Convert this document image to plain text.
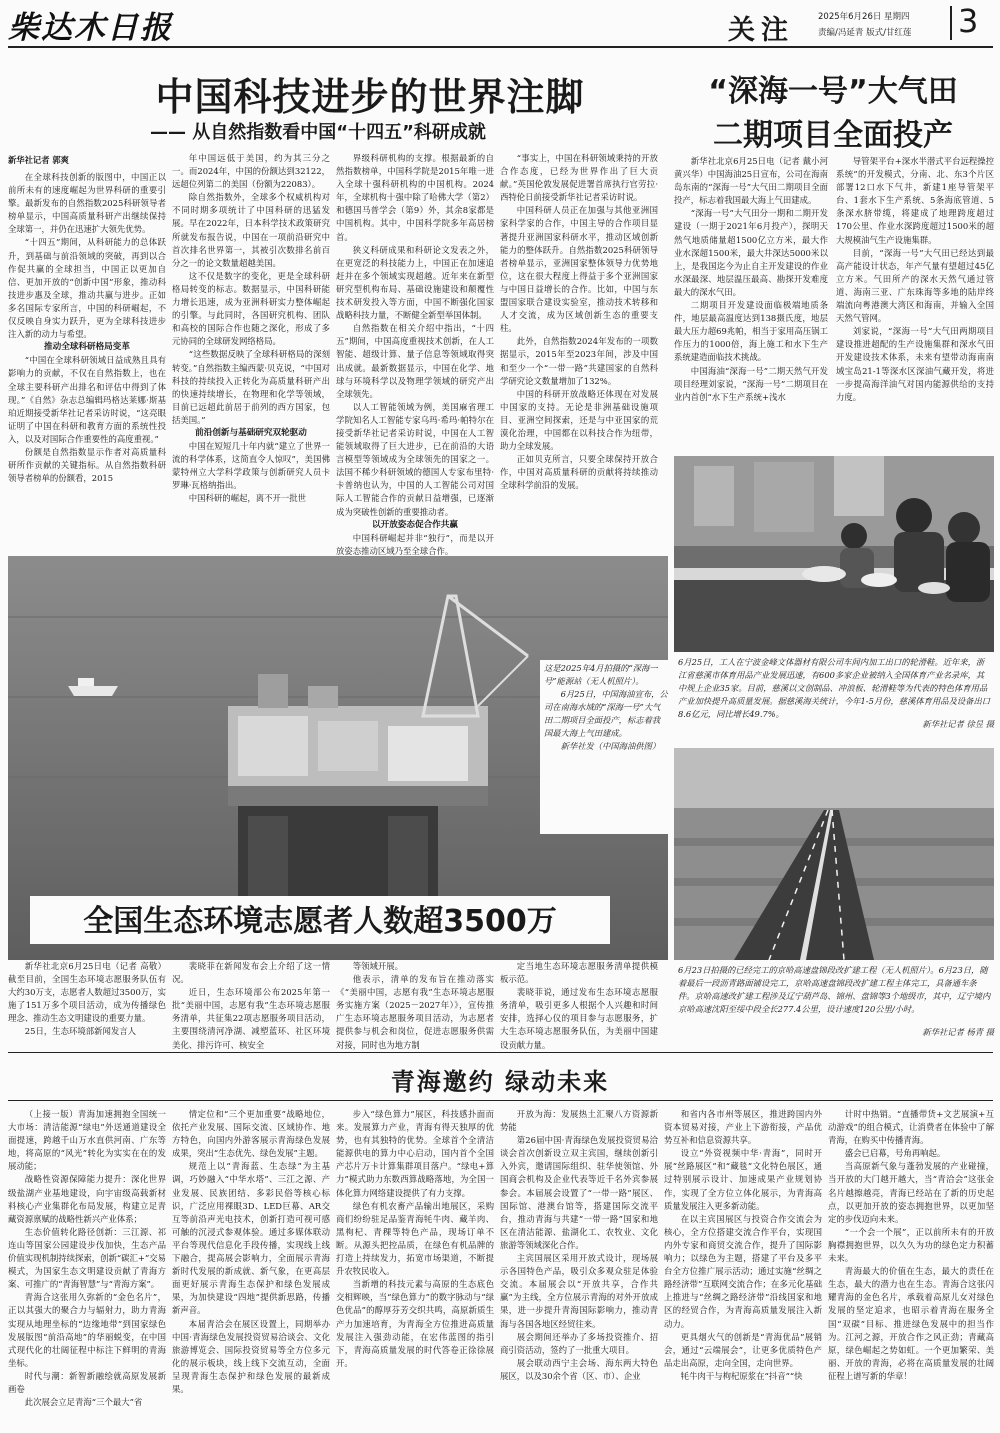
柴达木日报	关注	2025年6月26日 星期四
责编/冯延青 版式/甘红莲	3
中国科技进步的世界注脚
—— 从自然指数看中国“十四五”科研成就
新华社记者 郭爽

在全球科技创新的版图中，中国正以前所未有的速度崛起为世界科研的重要引擎。最新发布的自然指数2025科研领导者榜单显示，中国高质量科研产出继续保持全球第一，并仍在迅速扩大领先优势。

“十四五”期间，从科研能力的总体跃升，到基础与前沿领域的突破，再到以合作促共赢的全球担当，中国正以更加自信、更加开放的“创新中国”形象，推动科技进步惠及全球，推动共赢与进步。正如多名国际专家所言，中国的科研崛起，不仅反映自身实力跃升，更为全球科技进步注入新的动力与希望。

推动全球科研格局变革

“中国在全球科研领域日益成熟且具有影响力的贡献，不仅在自然指数上，也在全球主要科研产出排名和评估中得到了体现。”《自然》杂志总编辑玛格达莱娜·斯基珀近期接受新华社记者采访时说，“这亮眼证明了中国在科研和教育方面的系统性投入，以及对国际合作重要性的高度重视。”

份额是自然指数显示作者对高质量科研所作贡献的关键指标。从自然指数科研领导者榜单的份额看，2015

年中国远低于美国，约为其三分之一。而2024年，中国的份额达到32122，远超位列第二的美国（份额为22083）。

除自然指数外，全球多个权威机构对不同时期多项统计了中国科研的迅猛发展。早在2022年，日本科学技术政策研究所就发布报告说，中国在一项前沿研究中首次排名世界第一，其被引次数排名前百分之一的论文数量超越美国。

这不仅是数字的变化，更是全球科研格局转变的标志。数据显示，中国科研能力增长迅速，成为亚洲科研实力整体崛起的引擎。与此同时，各国研究机构、团队和高校的国际合作也随之深化，形成了多元协同的全球研发网络格局。

“这些数据反映了全球科研格局的深刻转变。”自然指数主编西蒙·贝克说，“中国对科技的持续投入正转化为高质量科研产出的快速持续增长，在物理和化学等领域，目前已远超此前居于前列的西方国家，包括美国。”

前沿创新与基础研究双轮驱动

中国在短短几十年内就“建立了世界一流的科学体系，这简直令人惊叹”，美国佛蒙特州立大学科学政策与创新研究人员卡罗琳·瓦格纳指出。

中国科研的崛起，离不开一批世

界级科研机构的支撑。根据最新的自然指数榜单，中国科学院是2015年唯一进入全球十强科研机构的中国机构。2024年，全球机构十强中除了哈佛大学（第2）和德国马普学会（第9）外，其余8家都是中国机构。其中，中国科学院多年高居榜首。

狭义科研成果和科研论文发表之外，在更宽泛的科技能力上，中国正在加速追赶并在多个领域实现超越。近年来在新型研究型机构布局、基础设施建设和颠覆性技术研发投入等方面，中国不断强化国家战略科技力量，不断健全新型举国体制。

自然指数在相关介绍中指出，“十四五”期间，中国高度重视技术创新，在人工智能、超级计算、量子信息等领域取得突出成就。最新数据显示，中国在化学、地球与环境科学以及物理学领域的研究产出全球领先。

以人工智能领域为例，美国麻省理工学院知名人工智能专家乌玛·希玛·帕特尔在接受新华社记者采访时说，中国在人工智能领域取得了巨大进步，已在前沿的大语言模型等领域成为全球领先的国家之一。法国不稀少科研领域的德国人专家布里特·卡普纳也认为，中国的人工智能公司对国际人工智能合作的贡献日益增强，已逐渐成为突破性创新的重要推动者。

以开放姿态促合作共赢

中国科研崛起并非“独行”，而是以开放姿态推动区域乃至全球合作。

“事实上，中国在科研领域秉持的开放合作态度，已经为世界作出了巨大贡献。”英国伦敦发展促进署首席执行官劳拉·西特伦日前接受新华社记者采访时说。

中国科研人员正在加强与其他亚洲国家科学家的合作，中国主导的合作项目显著提升亚洲国家科研水平，推动区域创新能力的整体跃升。自然指数2025科研领导者榜单显示，亚洲国家整体领导力优势地位，这在很大程度上得益于多个亚洲国家与中国日益增长的合作。比如，中国与东盟国家联合建设实验室，推动技术转移和人才交流，成为区域创新生态的重要支柱。

此外，自然指数2024年发布的一项数据显示，2015年至2023年间，涉及中国和至少一个“一带一路”共建国家的自然科学研究论文数量增加了132%。

中国的科研开放战略还体现在对发展中国家的支持。无论是非洲基础设施项目、亚洲空间探索，还是与中亚国家的荒漠化治理，中国都在以科技合作为纽带，助力全球发展。

正如贝克所言，只要全球保持开放合作，中国对高质量科研的贡献将持续推动全球科学前沿的发展。

“深海一号”大气田
二期项目全面投产

新华社北京6月25日电（记者 戴小河 黄兴华）中国海油25日宣布，公司在海南岛东南的“深海一号”大气田二期项目全面投产，标志着我国最大海上气田建成。

“深海一号”大气田分一期和二期开发建设（一期于2021年6月投产），探明天然气地质储量超1500亿立方米，最大作业水深超1500米，最大井深达5000米以上，是我国迄今为止自主开发建设的作业水深最深、地层温压最高、勘探开发难度最大的深水气田。

二期项目开发建设面临极端地质条件，地层最高温度达到138摄氏度，地层最大压力超69兆帕，相当于家用高压锅工作压力的1000倍，海上施工和水下生产系统建造面临技术挑战。

中国海油“深海一号”二期天然气开发项目经理刘家说，“深海一号”二期项目在业内首创“水下生产系统+浅水

导管架平台+深水半潜式平台远程操控系统”的开发模式，分南、北、东3个片区部署12口水下气井，新建1座导管架平台、1套水下生产系统、5条海底管道、5条深水脐带缆，将建成了地理跨度超过170公里、作业水深跨度超过1500米的超大规模油气生产设施集群。

目前，“深海一号”大气田已经达到最高产能设计状态，年产气量有望超过45亿立方米。气田所产的深水天然气通过管道、海南三亚、广东珠海等多地的陆岸终端流向粤港澳大湾区和海南，并输入全国天然气管网。

刘家说，“深海一号”大气田两期项目建设推进超配的生产设施集群和深水气田开发建设技术体系，未来有望带动海南南域宝岛21-1等深水区深油气藏开发，将进一步提高海洋油气对国内能源供给的支持力度。

6月25日，工人在宁波金峰文体器材有限公司车间内加工出口的轮滑鞋。近年来，浙江省慈溪市体育用品产业发展迅速，有600多家企业被纳入全国体育产业名录库，其中规上企业35家。目前，慈溪以文创制品、冲浪板、轮滑鞋等为代表的特色体育用品产业加快提升高质量发展。据慈溪海关统计，今年1-5月份，慈溪体育用品及设备出口8.6亿元，同比增长49.7%。

新华社记者 徐昱 摄

这是2025年4月拍摄的“深海一号”能源站（无人机照片）。

6月25日，中国海油宣布，公司在南海水域的“深海一号”大气田二期项目全面投产，标志着我国最大海上气田建成。

新华社发（中国海油供图）

6月23日拍摄的已经完工的京哈高速盘锦段改扩建工程（无人机照片）。6月23日，随着最后一段沥青路面铺设完工，京哈高速盘锦段改扩建工程主体完工，具备通车条件。京哈高速改扩建工程涉及辽宁葫芦岛、锦州、盘锦等3个地级市，其中，辽宁境内京哈高速沈阳至绥中段全长277.4公里，设计速度120公里/小时。

新华社记者 杨青 摄
全国生态环境志愿者人数超3500万

新华社北京6月25日电（记者 高敬）截至目前，全国生态环境志愿服务队伍有大约30万支，志愿者人数超过3500万，实施了151万多个项目活动，成为传播绿色理念、推动生态文明建设的重要力量。

25日，生态环境部新闻发言人

裴晓菲在新闻发布会上介绍了这一情况。

近日，生态环境部公布2025年第一批“美丽中国，志愿有我”生态环境志愿服务清单，共征集22项志愿服务项目活动，主要围绕清河净湖、减塑蓝环、社区环境美化、排污许可、核安全

等领域开展。

他表示，清单的发布旨在推动落实《“美丽中国，志愿有我”生态环境志愿服务实施方案（2025－2027年）》，宣传推广生态环境志愿服务项目活动，为志愿者提供参与机会和岗位，促进志愿服务供需对接，同时也为地方制

定当地生态环境志愿服务清单提供模板示范。

裴晓菲说，通过发布生态环境志愿服务清单，吸引更多人根据个人兴趣和时间安排，选择心仪的项目参与志愿服务，扩大生态环境志愿服务队伍，为美丽中国建设贡献力量。

青海邀约 绿动未来

（上接一版）青海加速拥抱全国统一大市场：清洁能源“绿电”外送通道建设全面提速，跨越千山万水直供河南、广东等地，将高原的“风光”转化为实实在在的发展动能；

战略性资源保障能力提升：深化世界级盐湖产业基地建设，向宇宙级高载新材料核心产业集群化布局发展，构建立足青藏资源禀赋的战略性新兴产业体系；

生态价值转化路径创新：三江源、祁连山等国家公园建设步伐加快，生态产品价值实现机制持续探索，创新“碳汇+”交易模式，为国家生态文明建设贡献了青海方案、可推广的“青海智慧”与“青海方案”。

青海合这张用久弥新的“金色名片”，正以其强大的聚合力与辐射力，助力青海实现从地理坐标的“边缘地带”到国家绿色发展版图“前沿高地”的华丽蜕变，在中国式现代化的壮阔征程中标注下鲜明的青海坐标。

时代与潮：新智新融绘就高原发展新画卷

此次展会立足青海“三个最大”省

情定位和“三个更加重要”战略地位，依托产业发展、国际交流、区域协作、地方特色，向国内外游客展示青海绿色发展成果，突出“生态优先、绿色发展”主题。

规范上以“青海蓝、生态绿”为主基调，巧妙融入“中华水塔”、三江之源、产业发展、民族团结、多彩民俗等核心标识，广泛应用裸眼3D、LED巨幕、AR交互等前沿声光电技术，创新打造可视可感可触的沉浸式参观体验。通过多媒体联动平台等现代信息化手段传播，实现线上线下融合，提高展会影响力，全面展示青海新时代发展的新成就、新气象，在更高层面更好展示青海生态保护和绿色发展成果，为加快建设“四地”提供新思路，传播新声音。

本届青洽会在展区设置上，同期举办中国·青海绿色发展投资贸易洽谈会、文化旅游博览会、国际投资贸易等全方位多元化的展示板块，线上线下交流互动，全面呈现青海生态保护和绿色发展的最新成果。

步入“绿色算力”展区，科技感扑面而来。发展算力产业，青海有得天独厚的优势，也有其独特的优势。全球首个全清洁能源供电的算力中心启动，国内首个全国产芯片万卡计算集群项目落户。“绿电+算力”模式助力东数西算战略落地，为全国一体化算力网络建设提供了有力支撑。

绿色有机农畜产品输出地展区，采购商们纷纷驻足品鉴青海牦牛肉、藏羊肉、黑枸杞、青稞等特色产品，现场订单不断。从源头把控品质，在绿色有机品牌的打造上持续发力，拓宽市场渠道，不断提升农牧民收入。

当新增的科技元素与高原的生态底色交相辉映，当“绿色算力”的数字脉动与“绿色优品”的醇厚芬芳交织共鸣，高原新质生产力加速培育，为青海全方位推进高质量发展注入强劲动能，在宏伟蓝图的指引下，青海高质量发展的时代答卷正徐徐展开。

开放为海：发展热土汇聚八方资源新势能

第26届中国·青海绿色发展投资贸易洽谈会首次创新设立双主宾国，继续创新引入外宾，邀请国际组织、驻华使领馆、外国商会机构及企业代表等近千名外宾参展参会。本届展会设置了“一带一路”展区、国际馆、港澳台馆等，搭建国际交流平台，推动青海与共建“一带一路”国家和地区在清洁能源、盐湖化工、农牧业、文化旅游等领域深化合作。

主宾国展区采用开放式设计，现场展示各国特色产品，吸引众多观众驻足体验交流。本届展会以“开放共享，合作共赢”为主线，全方位展示青海的对外开放成果，进一步提升青海国际影响力，推动青海与各国各地区经贸往来。

展会期间还举办了多场投资推介、招商引资活动，签约了一批重大项目。

展会联动西宁主会场、海东两大特色展区，以及30余个省（区、市）、企业

和省内各市州等展区，推进跨国内外资本贸易对接，产业上下游衔接，产品优势互补和信息资源共享。

设立“外资视频中华·青海”，同时开展“丝路展区”和“藏毯”文化特色展区，通过特别展示设计、加速成果产业规划协作，实现了全方位立体化展示，为青海高质量发展注入更多新动能。

在以主宾国展区与投资合作交流会为核心，全方位搭建交流合作平台，实现国内外专家和商贸交流合作，提升了国际影响力；以绿色为主题，搭建了平台及多平台全方位推广展示活动；通过实施“丝绸之路经济带”互联网交流合作；在多元化基础上推进与“丝绸之路经济带”沿线国家和地区的经贸合作，为青海高质量发展注入新动力。

更具烟火气的创新是“青海优品”展销会，通过“云端展会”，让更多优质特色产品走出高原，走向全国，走向世界。

牦牛肉干与枸杞原浆在“抖音”“快

计时中热销。“直播带货+文艺展演+互动游戏”的组合模式，让消费者在体验中了解青海，在购买中传播青海。

盛会已启幕，号角再响起。

当高原新气象与蓬勃发展的产业碰撞，当开放的大门越开越大，当“青洽会”这张金名片越擦越亮，青海已经站在了新的历史起点，以更加开放的姿态拥抱世界，以更加坚定的步伐迈向未来。

“一个会一个展”，正以前所未有的开放胸襟拥抱世界，以久久为功的绿色定力积蓄未来。

青海最大的价值在生态，最大的责任在生态，最大的潜力也在生态。青海合这张闪耀青海的金色名片，承载着高原儿女对绿色发展的坚定追求，也昭示着青海在服务全国“双碳”目标、推进绿色发展中的担当作为。江河之源，开放合作之风正劲；青藏高原，绿色崛起之势如虹。一个更加繁荣、美丽、开放的青海，必将在高质量发展的壮阔征程上谱写新的华章！
